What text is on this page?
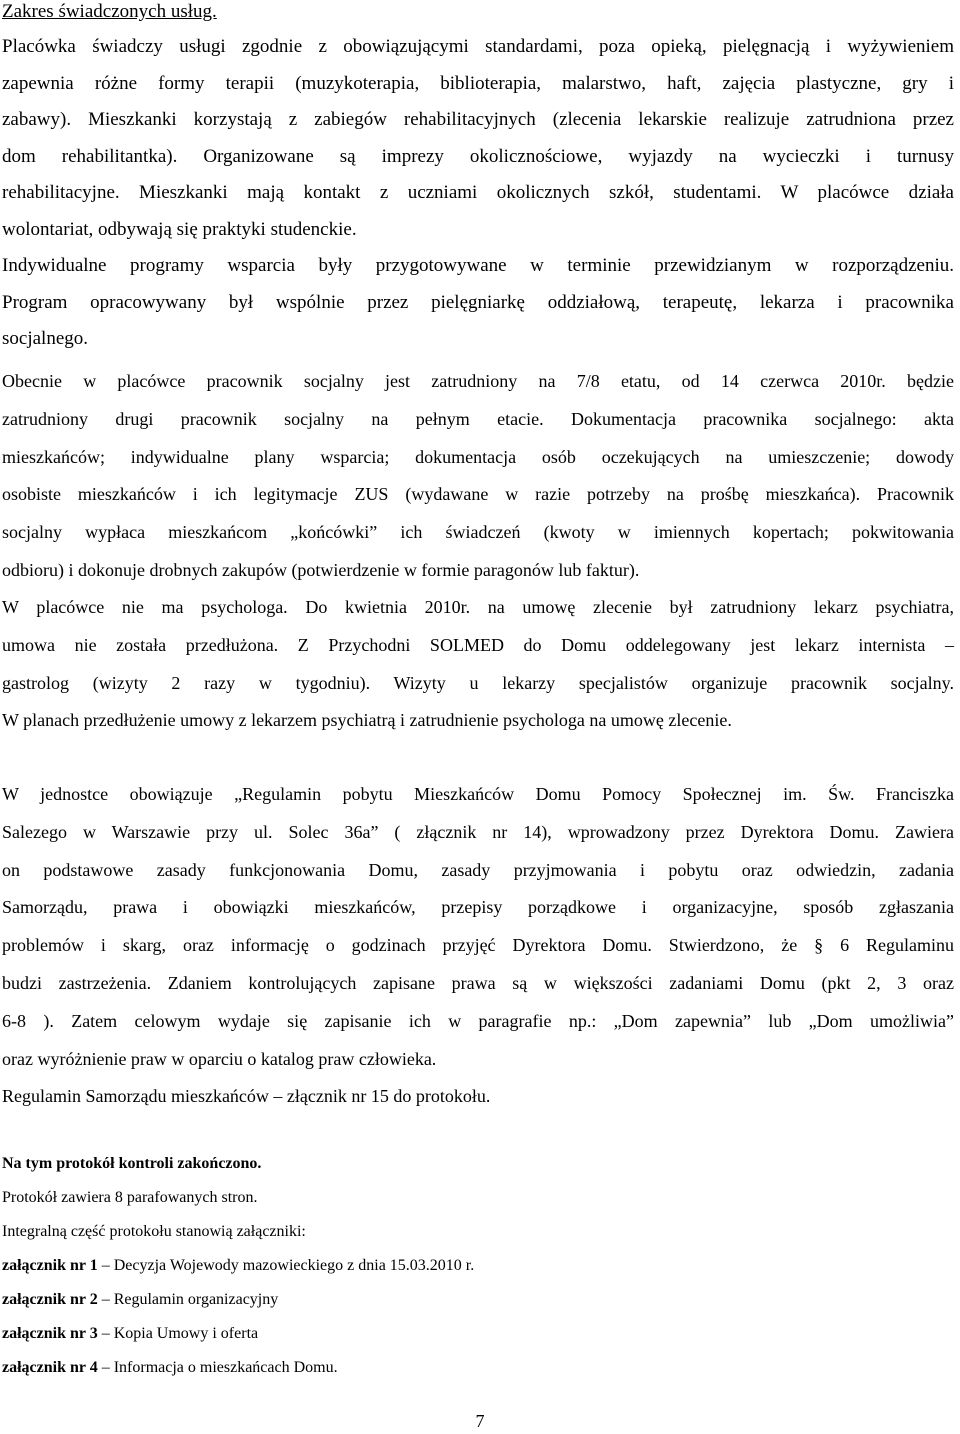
Zakres świadczonych usług.
Placówka świadczy usługi zgodnie z obowiązującymi standardami, poza opieką, pielęgnacją i wyżywieniem
zapewnia różne formy terapii (muzykoterapia, biblioterapia, malarstwo, haft, zajęcia plastyczne, gry i
zabawy). Mieszkanki korzystają z zabiegów rehabilitacyjnych (zlecenia lekarskie realizuje zatrudniona przez
dom rehabilitantka). Organizowane są imprezy okolicznościowe, wyjazdy na wycieczki i turnusy
rehabilitacyjne. Mieszkanki mają kontakt z uczniami okolicznych szkół, studentami. W placówce działa
wolontariat, odbywają się praktyki studenckie.
Indywidualne programy wsparcia były przygotowywane w terminie przewidzianym w rozporządzeniu.
Program opracowywany był wspólnie przez pielęgniarkę oddziałową, terapeutę, lekarza i pracownika
socjalnego.
Obecnie w placówce pracownik socjalny jest zatrudniony na 7/8 etatu, od 14 czerwca 2010r. będzie
zatrudniony drugi pracownik socjalny na pełnym etacie. Dokumentacja pracownika socjalnego: akta
mieszkańców; indywidualne plany wsparcia; dokumentacja osób oczekujących na umieszczenie; dowody
osobiste mieszkańców i ich legitymacje ZUS (wydawane w razie potrzeby na prośbę mieszkańca). Pracownik
socjalny wypłaca mieszkańcom „końcówki” ich świadczeń (kwoty w imiennych kopertach; pokwitowania
odbioru) i dokonuje drobnych zakupów (potwierdzenie w formie paragonów lub faktur).
W placówce nie ma psychologa. Do kwietnia 2010r. na umowę zlecenie był zatrudniony lekarz psychiatra,
umowa nie została przedłużona. Z Przychodni SOLMED do Domu oddelegowany jest lekarz internista –
gastrolog (wizyty 2 razy w tygodniu). Wizyty u lekarzy specjalistów organizuje pracownik socjalny.
W planach przedłużenie umowy z lekarzem psychiatrą i zatrudnienie psychologa na umowę zlecenie.
W jednostce obowiązuje „Regulamin pobytu Mieszkańców Domu Pomocy Społecznej im. Św. Franciszka
Salezego w Warszawie przy ul. Solec 36a” ( złącznik nr 14), wprowadzony przez Dyrektora Domu. Zawiera
on podstawowe zasady funkcjonowania Domu, zasady przyjmowania i pobytu oraz odwiedzin, zadania
Samorządu, prawa i obowiązki mieszkańców, przepisy porządkowe i organizacyjne, sposób zgłaszania
problemów i skarg, oraz informację o godzinach przyjęć Dyrektora Domu. Stwierdzono, że § 6 Regulaminu
budzi zastrzeżenia. Zdaniem kontrolujących zapisane prawa są w większości zadaniami Domu (pkt 2, 3 oraz
6-8 ). Zatem celowym wydaje się zapisanie ich w paragrafie np.: „Dom zapewnia” lub „Dom umożliwia”
oraz wyróżnienie praw w oparciu o katalog praw człowieka.
Regulamin Samorządu mieszkańców – złącznik nr 15 do protokołu.
Na tym protokół kontroli zakończono.
Protokół zawiera 8 parafowanych stron.
Integralną część protokołu stanowią załączniki:
załącznik nr 1 – Decyzja Wojewody mazowieckiego z dnia 15.03.2010 r.
załącznik nr 2 – Regulamin organizacyjny
załącznik nr 3 – Kopia Umowy i oferta
załącznik nr 4 – Informacja o mieszkańcach Domu.
7
